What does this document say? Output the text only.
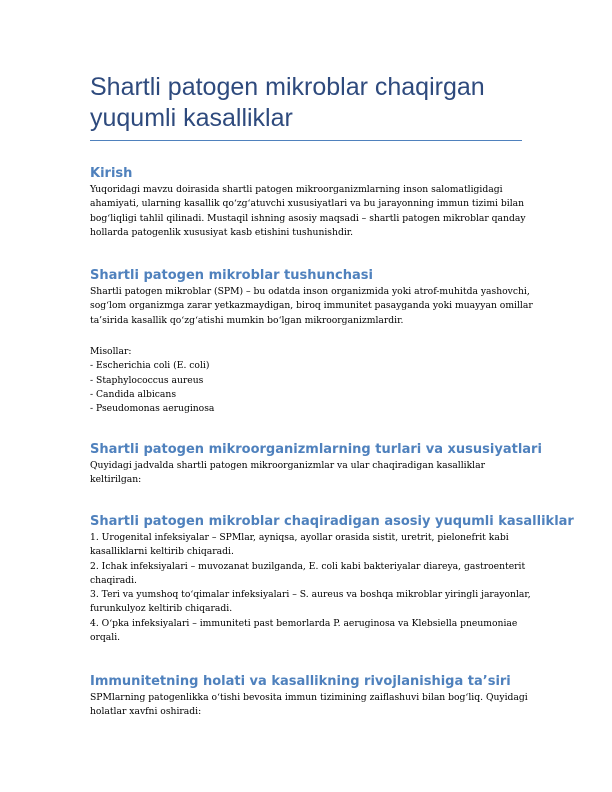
Shartli patogen mikroblar chaqirgan
yuqumli kasalliklar
Kirish
Yuqoridagi mavzu doirasida shartli patogen mikroorganizmlarning inson salomatligidagi
ahamiyati, ularning kasallik qo‘zg‘atuvchi xususiyatlari va bu jarayonning immun tizimi bilan
bog‘liqligi tahlil qilinadi. Mustaqil ishning asosiy maqsadi – shartli patogen mikroblar qanday
hollarda patogenlik xususiyat kasb etishini tushunishdir.
Shartli patogen mikroblar tushunchasi
Shartli patogen mikroblar (SPM) – bu odatda inson organizmida yoki atrof-muhitda yashovchi,
sog‘lom organizmga zarar yetkazmaydigan, biroq immunitet pasayganda yoki muayyan omillar
ta’sirida kasallik qo‘zg‘atishi mumkin bo‘lgan mikroorganizmlardir.
Misollar:
- Escherichia coli (E. coli)
- Staphylococcus aureus
- Candida albicans
- Pseudomonas aeruginosa
Shartli patogen mikroorganizmlarning turlari va xususiyatlari
Quyidagi jadvalda shartli patogen mikroorganizmlar va ular chaqiradigan kasalliklar
keltirilgan:
Shartli patogen mikroblar chaqiradigan asosiy yuqumli kasalliklar
1. Urogenital infeksiyalar – SPMlar, ayniqsa, ayollar orasida sistit, uretrit, pielonefrit kabi
kasalliklarni keltirib chiqaradi.
2. Ichak infeksiyalari – muvozanat buzilganda, E. coli kabi bakteriyalar diareya, gastroenterit
chaqiradi.
3. Teri va yumshoq to‘qimalar infeksiyalari – S. aureus va boshqa mikroblar yiringli jarayonlar,
furunkulyoz keltirib chiqaradi.
4. O‘pka infeksiyalari – immuniteti past bemorlarda P. aeruginosa va Klebsiella pneumoniae
orqali.
Immunitetning holati va kasallikning rivojlanishiga ta’siri
SPMlarning patogenlikka o‘tishi bevosita immun tizimining zaiflashuvi bilan bog‘liq. Quyidagi
holatlar xavfni oshiradi:
